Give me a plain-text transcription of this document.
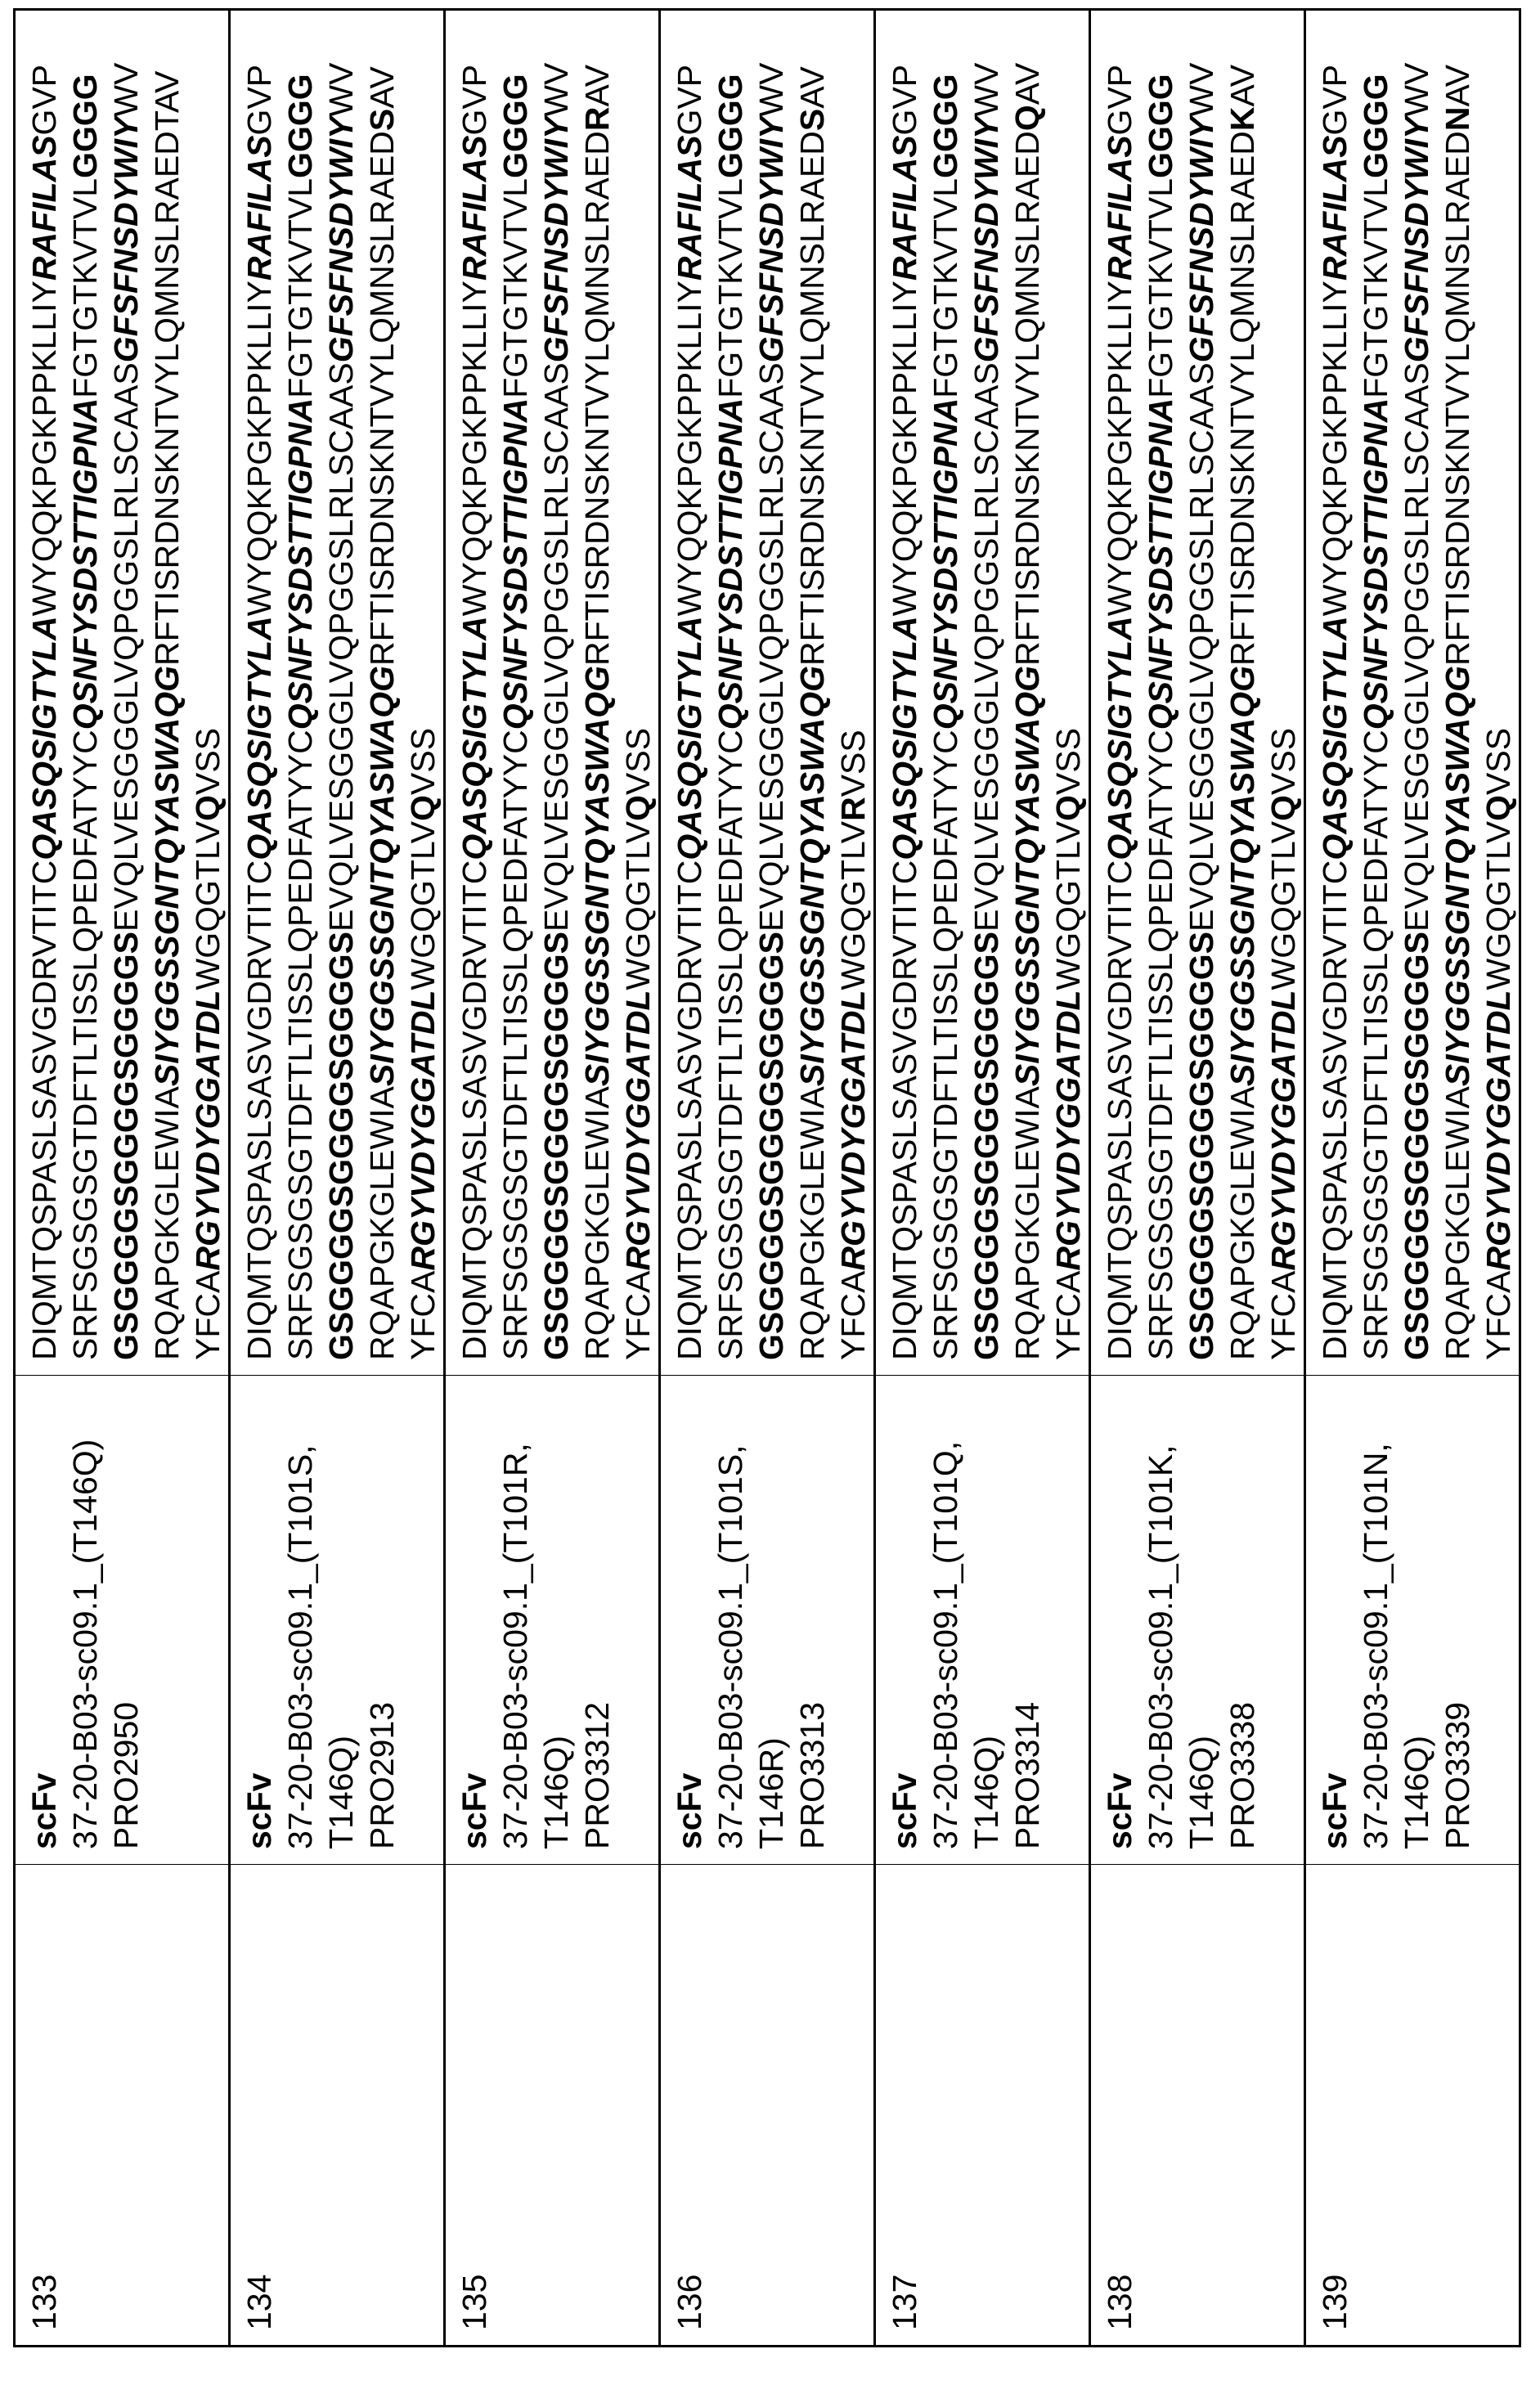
133

scFv 37-20-B03-sc09.1_(T146Q) PRO2950

DIQMTQSPASLSASVGDRVTITCQASQSIGTYLAWYQQKPGKPPKLLIYRAFILASGVP
SRFSGSGSGTDFTLTISSLQPEDFATYYCQSNFYSDSTTIGPNAFGTGTKVTVLGGGG
GSGGGGSGGGGSGGGGSEVQLVESGGGLVQPGGSLRLSCAASGFSFNSDYWIYWV
RQAPGKGLEWIASIYGGSSGNTQYASWAQGRFTISRDNSKNTVYLQMNSLRAEDTAV
YFCARGYVDYGGATDLWGQGTLVQVSS

134

scFv 37-20-B03-sc09.1_(T101S, T146Q) PRO2913

DIQMTQSPASLSASVGDRVTITCQASQSIGTYLAWYQQKPGKPPKLLIYRAFILASGVP
SRFSGSGSGTDFTLTISSLQPEDFATYYCQSNFYSDSTTIGPNAFGTGTKVTVLGGGG
GSGGGGSGGGGSGGGGSEVQLVESGGGLVQPGGSLRLSCAASGFSFNSDYWIYWV
RQAPGKGLEWIASIYGGSSGNTQYASWAQGRFTISRDNSKNTVYLQMNSLRAEDSAV
YFCARGYVDYGGATDLWGQGTLVQVSS

135

scFv 37-20-B03-sc09.1_(T101R, T146Q) PRO3312

DIQMTQSPASLSASVGDRVTITCQASQSIGTYLAWYQQKPGKPPKLLIYRAFILASGVP
SRFSGSGSGTDFTLTISSLQPEDFATYYCQSNFYSDSTTIGPNAFGTGTKVTVLGGGG
GSGGGGSGGGGSGGGGSEVQLVESGGGLVQPGGSLRLSCAASGFSFNSDYWIYWV
RQAPGKGLEWIASIYGGSSGNTQYASWAQGRFTISRDNSKNTVYLQMNSLRAEDRAV
YFCARGYVDYGGATDLWGQGTLVQVSS

136

scFv 37-20-B03-sc09.1_(T101S, T146R) PRO3313

DIQMTQSPASLSASVGDRVTITCQASQSIGTYLAWYQQKPGKPPKLLIYRAFILASGVP
SRFSGSGSGTDFTLTISSLQPEDFATYYCQSNFYSDSTTIGPNAFGTGTKVTVLGGGG
GSGGGGSGGGGSGGGGSEVQLVESGGGLVQPGGSLRLSCAASGFSFNSDYWIYWV
RQAPGKGLEWIASIYGGSSGNTQYASWAQGRFTISRDNSKNTVYLQMNSLRAEDSAV
YFCARGYVDYGGATDLWGQGTLVRVSS

137

scFv 37-20-B03-sc09.1_(T101Q, T146Q) PRO3314

DIQMTQSPASLSASVGDRVTITCQASQSIGTYLAWYQQKPGKPPKLLIYRAFILASGVP
SRFSGSGSGTDFTLTISSLQPEDFATYYCQSNFYSDSTTIGPNAFGTGTKVTVLGGGG
GSGGGGSGGGGSGGGGSEVQLVESGGGLVQPGGSLRLSCAASGFSFNSDYWIYWV
RQAPGKGLEWIASIYGGSSGNTQYASWAQGRFTISRDNSKNTVYLQMNSLRAEDQAV
YFCARGYVDYGGATDLWGQGTLVQVSS

138

scFv 37-20-B03-sc09.1_(T101K, T146Q) PRO3338

DIQMTQSPASLSASVGDRVTITCQASQSIGTYLAWYQQKPGKPPKLLIYRAFILASGVP
SRFSGSGSGTDFTLTISSLQPEDFATYYCQSNFYSDSTTIGPNAFGTGTKVTVLGGGG
GSGGGGSGGGGSGGGGSEVQLVESGGGLVQPGGSLRLSCAASGFSFNSDYWIYWV
RQAPGKGLEWIASIYGGSSGNTQYASWAQGRFTISRDNSKNTVYLQMNSLRAEDKAV
YFCARGYVDYGGATDLWGQGTLVQVSS

139

scFv 37-20-B03-sc09.1_(T101N, T146Q) PRO3339

DIQMTQSPASLSASVGDRVTITCQASQSIGTYLAWYQQKPGKPPKLLIYRAFILASGVP
SRFSGSGSGTDFTLTISSLQPEDFATYYCQSNFYSDSTTIGPNAFGTGTKVTVLGGGG
GSGGGGSGGGGSGGGGSEVQLVESGGGLVQPGGSLRLSCAASGFSFNSDYWIYWV
RQAPGKGLEWIASIYGGSSGNTQYASWAQGRFTISRDNSKNTVYLQMNSLRAEDNAV
YFCARGYVDYGGATDLWGQGTLVQVSS
